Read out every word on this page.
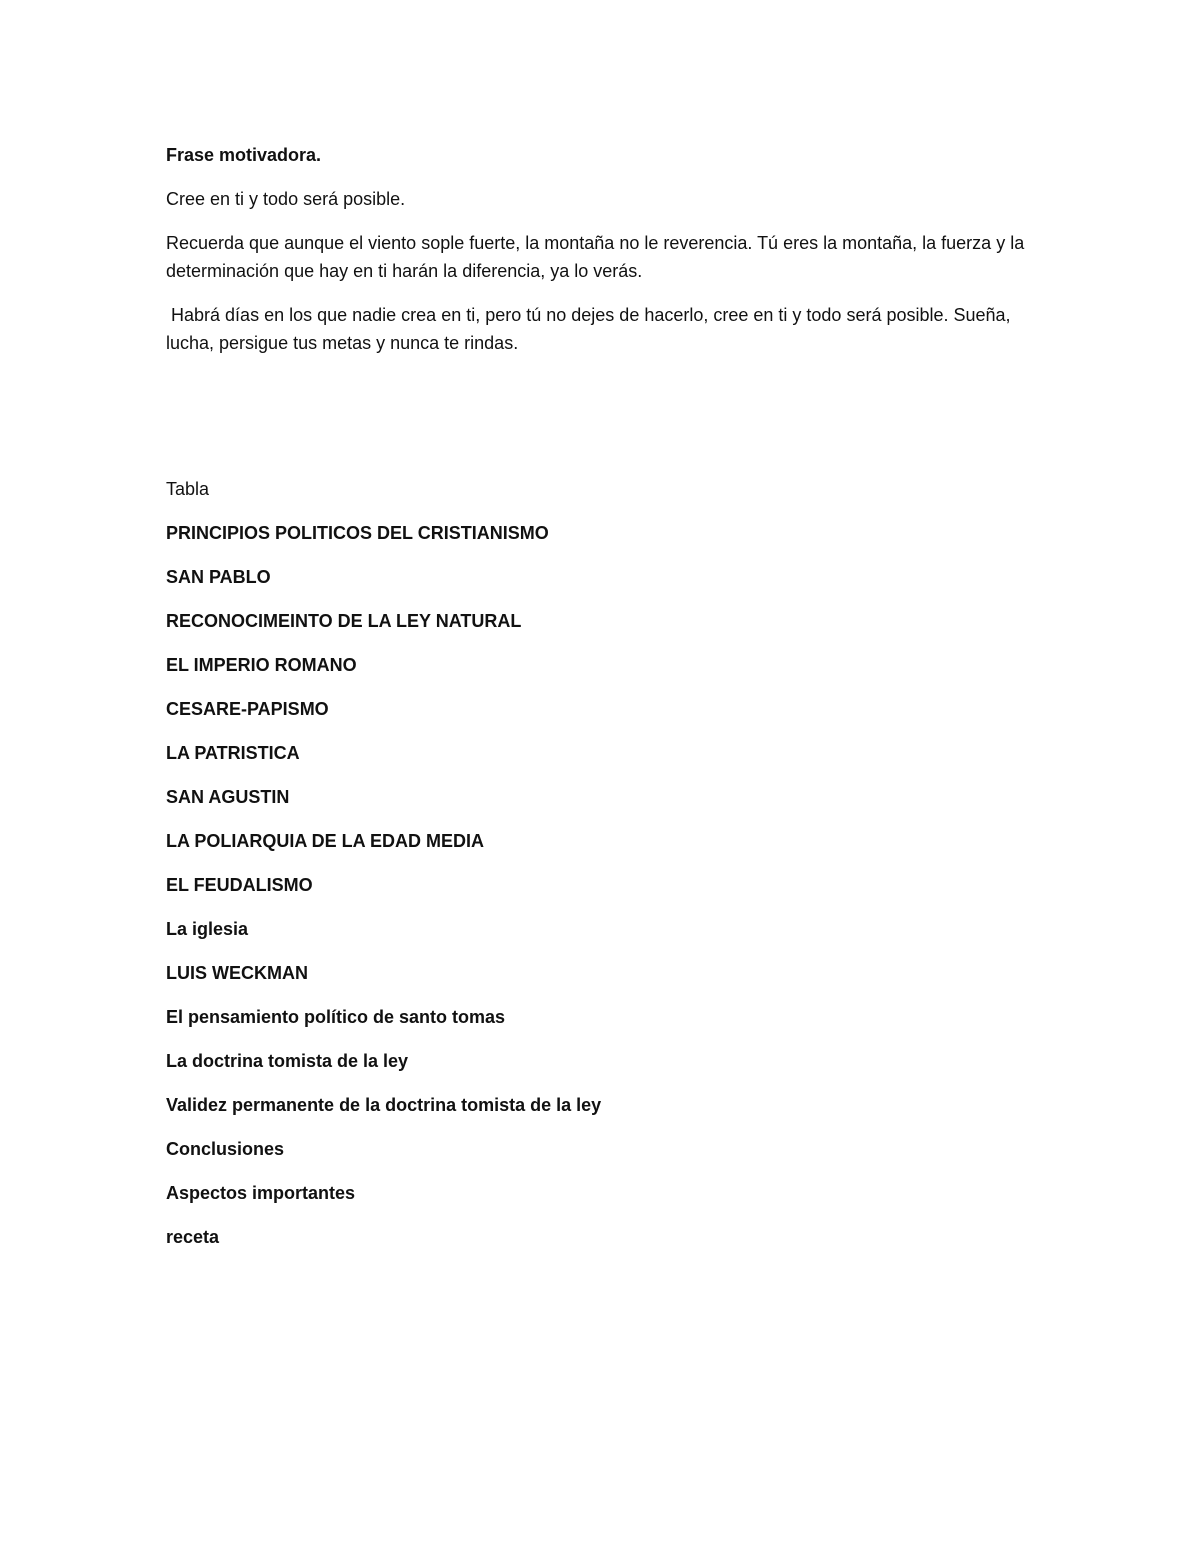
Frase motivadora.

Cree en ti y todo será posible.

Recuerda que aunque el viento sople fuerte, la montaña no le reverencia. Tú eres la montaña, la fuerza y la determinación que hay en ti harán la diferencia, ya lo verás.

Habrá días en los que nadie crea en ti, pero tú no dejes de hacerlo, cree en ti y todo será posible. Sueña, lucha, persigue tus metas y nunca te rindas.

Tabla

PRINCIPIOS POLITICOS DEL CRISTIANISMO
SAN PABLO
RECONOCIMEINTO DE LA LEY NATURAL
EL IMPERIO ROMANO
CESARE-PAPISMO
LA PATRISTICA
SAN AGUSTIN
LA POLIARQUIA DE LA EDAD MEDIA
EL FEUDALISMO
La iglesia
LUIS WECKMAN
El pensamiento político de santo tomas
La doctrina tomista de la ley
Validez permanente de la doctrina tomista de la ley
Conclusiones
Aspectos importantes
receta
